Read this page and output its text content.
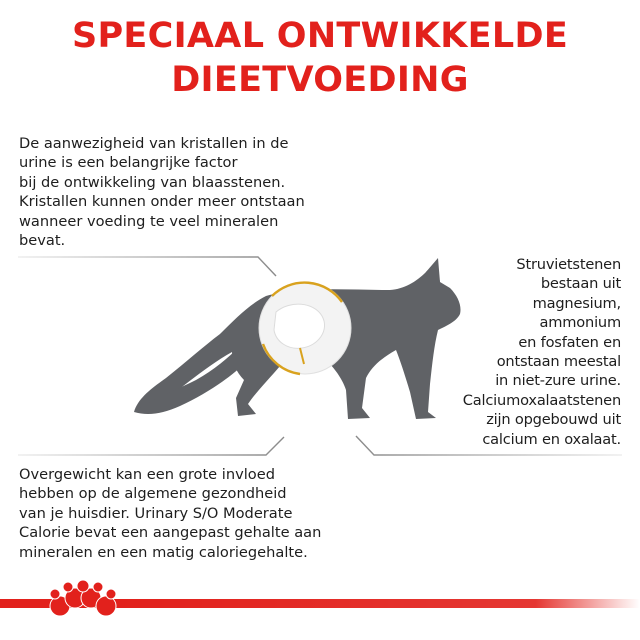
SPECIAAL ONTWIKKELDE
DIEETVOEDING

De aanwezigheid van kristallen in de
urine is een belangrijke factor
bij de ontwikkeling van blaasstenen.
Kristallen kunnen onder meer ontstaan
wanneer voeding te veel mineralen
bevat.

Struvietstenen
bestaan uit
magnesium,
ammonium
en fosfaten en
ontstaan meestal
in niet-zure urine.
Calciumoxalaatstenen
zijn opgebouwd uit
calcium en oxalaat.

Overgewicht kan een grote invloed
hebben op de algemene gezondheid
van je huisdier. Urinary S/O Moderate
Calorie bevat een aangepast gehalte aan
mineralen en een matig caloriegehalte.
